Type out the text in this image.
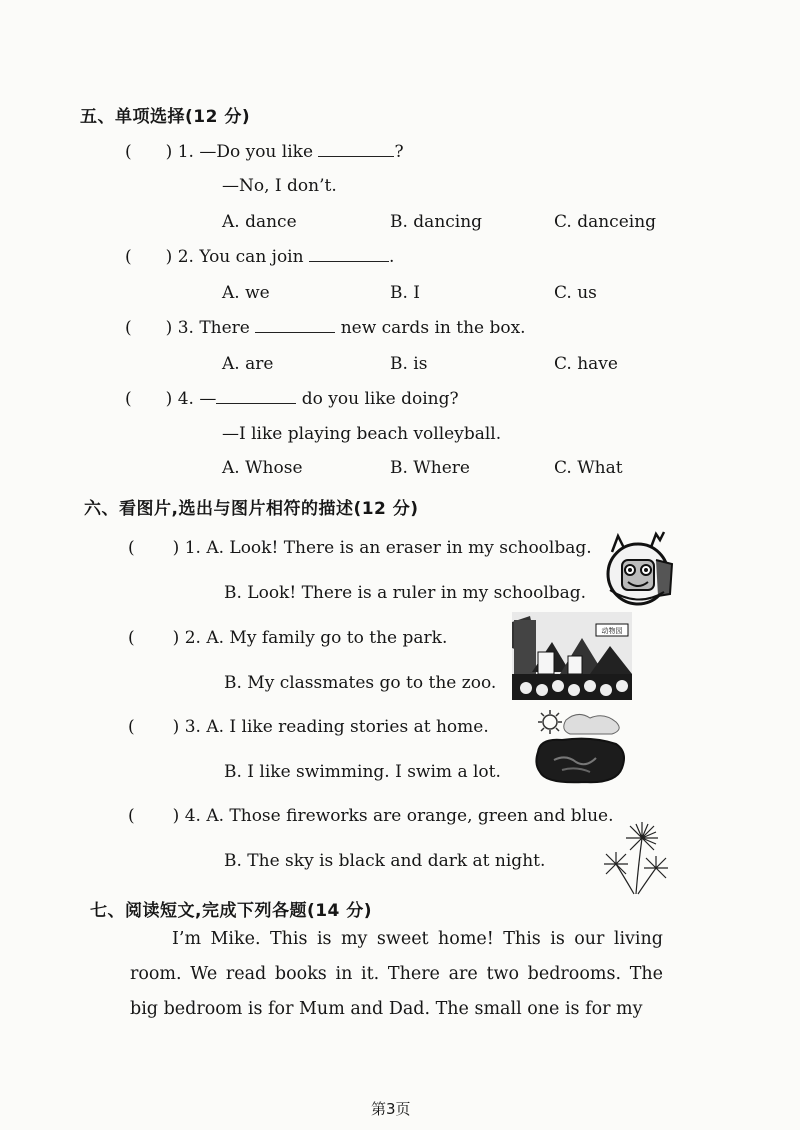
五、单项选择(12 分)
( ) 1. —Do you like	?
—No, I don’t.
A. dance	B. dancing	C. danceing
( ) 2. You can join	.
A. we	B. I	C. us
( ) 3. There	new cards in the box.
A. are	B. is	C. have
( ) 4. —	do you like doing?
—I like playing beach volleyball.
A. Whose	B. Where	C. What
六、看图片,选出与图片相符的描述(12 分)
( ) 1. A. Look! There is an eraser in my schoolbag.
B. Look! There is a ruler in my schoolbag.
( ) 2. A. My family go to the park.
B. My classmates go to the zoo.
动物园
( ) 3. A. I like reading stories at home.
B. I like swimming. I swim a lot.
( ) 4. A. Those fireworks are orange, green and blue.
B. The sky is black and dark at night.
七、阅读短文,完成下列各题(14 分)
I’m Mike. This is my sweet home! This is our living room. We read books in it. There are two bedrooms. The big bedroom is for Mum and Dad. The small one is for my
第3页
